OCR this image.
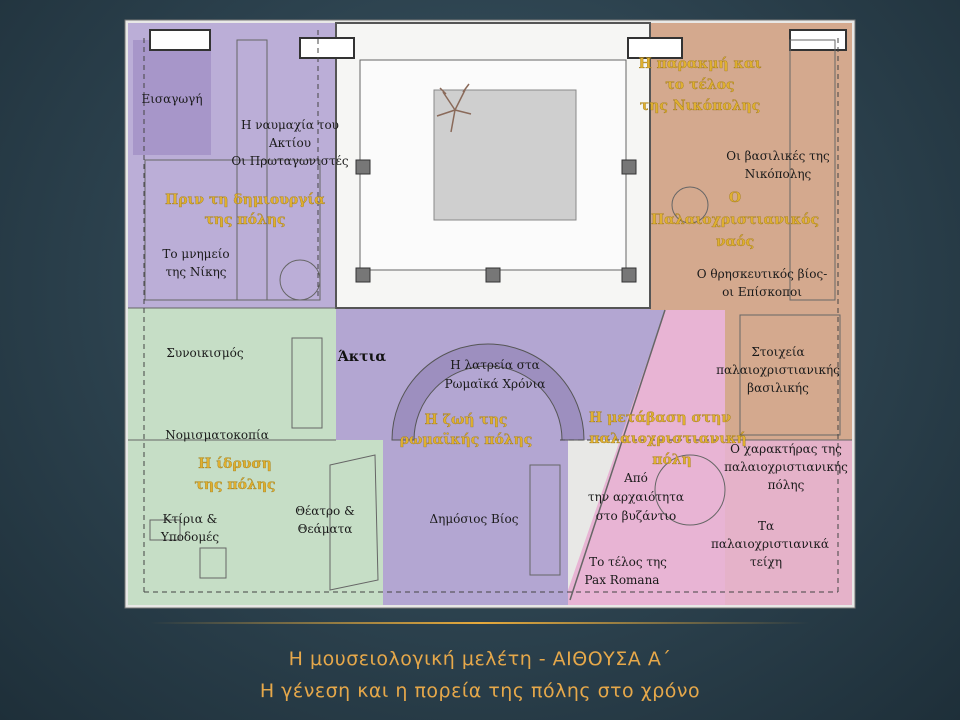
Εισαγωγή
Η ναυμαχία του
Ακτίου
Οι Πρωταγωνιστές
Πριν τη δημιουργία
της πόλης
Το μνημείο
της Νίκης
Συνοικισμός	Άκτια	Η λατρεία στα
Ρωμαϊκά Χρόνια
Η ζωή της
ρωμαϊκής πόλης
Νομισματοκοπία
Η ίδρυση
της πόλης
Θέατρο &
Θεάματα
Κτίρια &
Υποδομές
Δημόσιος Βίος
Η παρακμή και
το τέλος
της Νικόπολης
Οι βασιλικές της
Νικόπολης
Ο
Παλαιοχριστιανικός
ναός
Ο θρησκευτικός βίος-
οι Επίσκοποι
Στοιχεία
παλαιοχριστιανικής
βασιλικής
Η μετάβαση στην
παλαιοχριστιανική
πόλη
Ο χαρακτήρας της
παλαιοχριστιανικής
πόλης
Από
την αρχαιότητα
στο βυζάντιο
Τα
παλαιοχριστιανικά
τείχη
Το τέλος της
Pax Romana
Η μουσειολογική μελέτη - ΑΙΘΟΥΣΑ Α΄
Η γένεση και η πορεία της πόλης στο χρόνο
